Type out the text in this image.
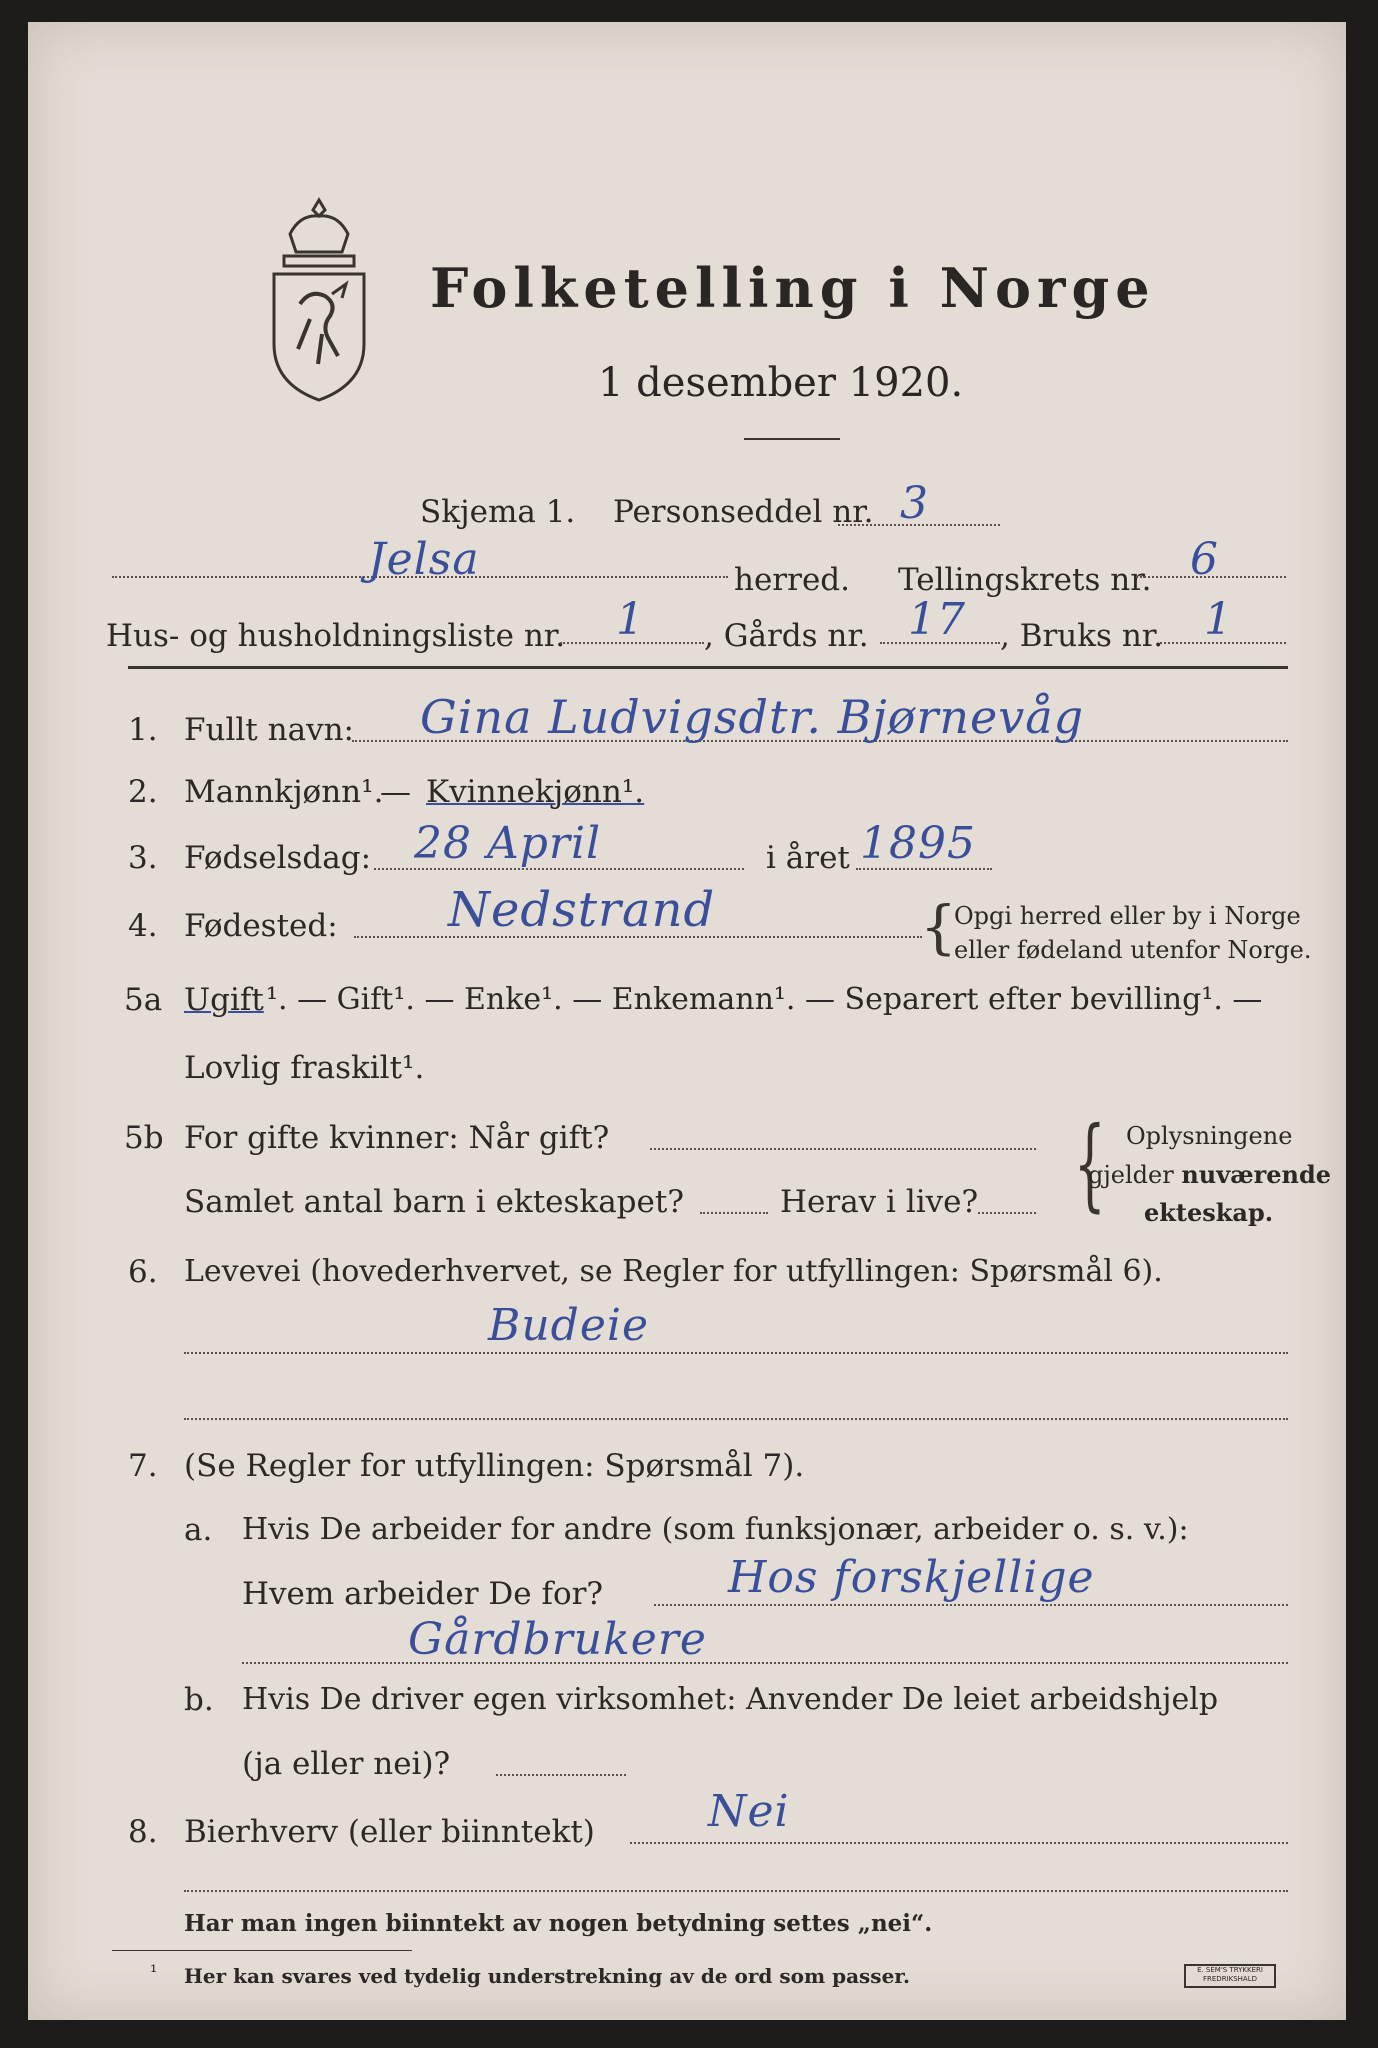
Folketelling i Norge
1 desember 1920.
Skjema 1. Personseddel nr. 3
Jelsa	herred. Tellingskrets nr. 6
Hus- og husholdningsliste nr. 1 , Gårds nr. 17 , Bruks nr. 1
1. Fullt navn: Gina Ludvigsdtr. Bjørnevåg
2. Mannkjønn¹.
— Kvinnekjønn¹.
3. Fødselsdag: 28 April	i året 1895
4. Fødested: Nedstrand	{
Opgi herred eller by i Norge
eller fødeland utenfor Norge.
5a Ugift ¹. — Gift¹. — Enke¹. — Enkemann¹. — Separert efter bevilling¹. —
Lovlig fraskilt¹.
5b For gifte kvinner: Når gift?
Samlet antal barn i ekteskapet?	Herav i live? { Oplysningene
gjelder nuværende
ekteskap.
6. Levevei (hovederhvervet, se Regler for utfyllingen: Spørsmål 6).
Budeie
7. (Se Regler for utfyllingen: Spørsmål 7).
a. Hvis De arbeider for andre (som funksjonær, arbeider o. s. v.):
Hvem arbeider De for?	Hos forskjellige
Gårdbrukere
b. Hvis De driver egen virksomhet: Anvender De leiet arbeidshjelp
(ja eller nei)?
8. Bierhverv (eller biinntekt)	Nei
Har man ingen biinntekt av nogen betydning settes „nei“.
¹ Her kan svares ved tydelig understrekning av de ord som passer.	E. SEM'S TRYKKERI FREDRIKSHALD
